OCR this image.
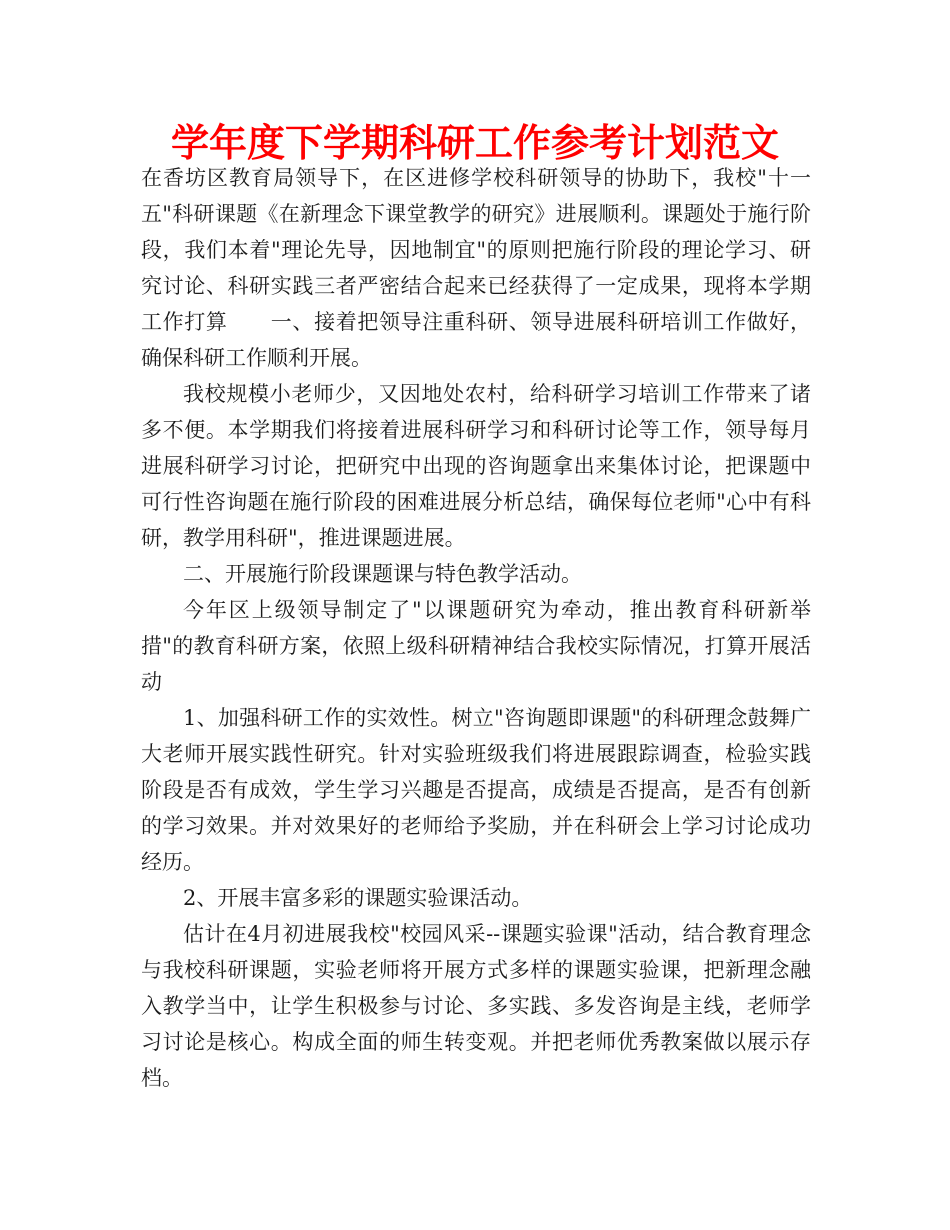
学年度下学期科研工作参考计划范文

在香坊区教育局领导下，在区进修学校科研领导的协助下，我校"十一五"科研课题《在新理念下课堂教学的研究》进展顺利。课题处于施行阶段，我们本着"理论先导，因地制宜"的原则把施行阶段的理论学习、研究讨论、科研实践三者严密结合起来已经获得了一定成果，现将本学期工作打算　　一、接着把领导注重科研、领导进展科研培训工作做好，确保科研工作顺利开展。

我校规模小老师少，又因地处农村，给科研学习培训工作带来了诸多不便。本学期我们将接着进展科研学习和科研讨论等工作，领导每月进展科研学习讨论，把研究中出现的咨询题拿出来集体讨论，把课题中可行性咨询题在施行阶段的困难进展分析总结，确保每位老师"心中有科研，教学用科研"，推进课题进展。

二、开展施行阶段课题课与特色教学活动。

今年区上级领导制定了"以课题研究为牵动，推出教育科研新举措"的教育科研方案，依照上级科研精神结合我校实际情况，打算开展活动

1、加强科研工作的实效性。树立"咨询题即课题"的科研理念鼓舞广大老师开展实践性研究。针对实验班级我们将进展跟踪调查，检验实践阶段是否有成效，学生学习兴趣是否提高，成绩是否提高，是否有创新的学习效果。并对效果好的老师给予奖励，并在科研会上学习讨论成功经历。

2、开展丰富多彩的课题实验课活动。

估计在4月初进展我校"校园风采--课题实验课"活动，结合教育理念与我校科研课题，实验老师将开展方式多样的课题实验课，把新理念融入教学当中，让学生积极参与讨论、多实践、多发咨询是主线，老师学习讨论是核心。构成全面的师生转变观。并把老师优秀教案做以展示存档。
